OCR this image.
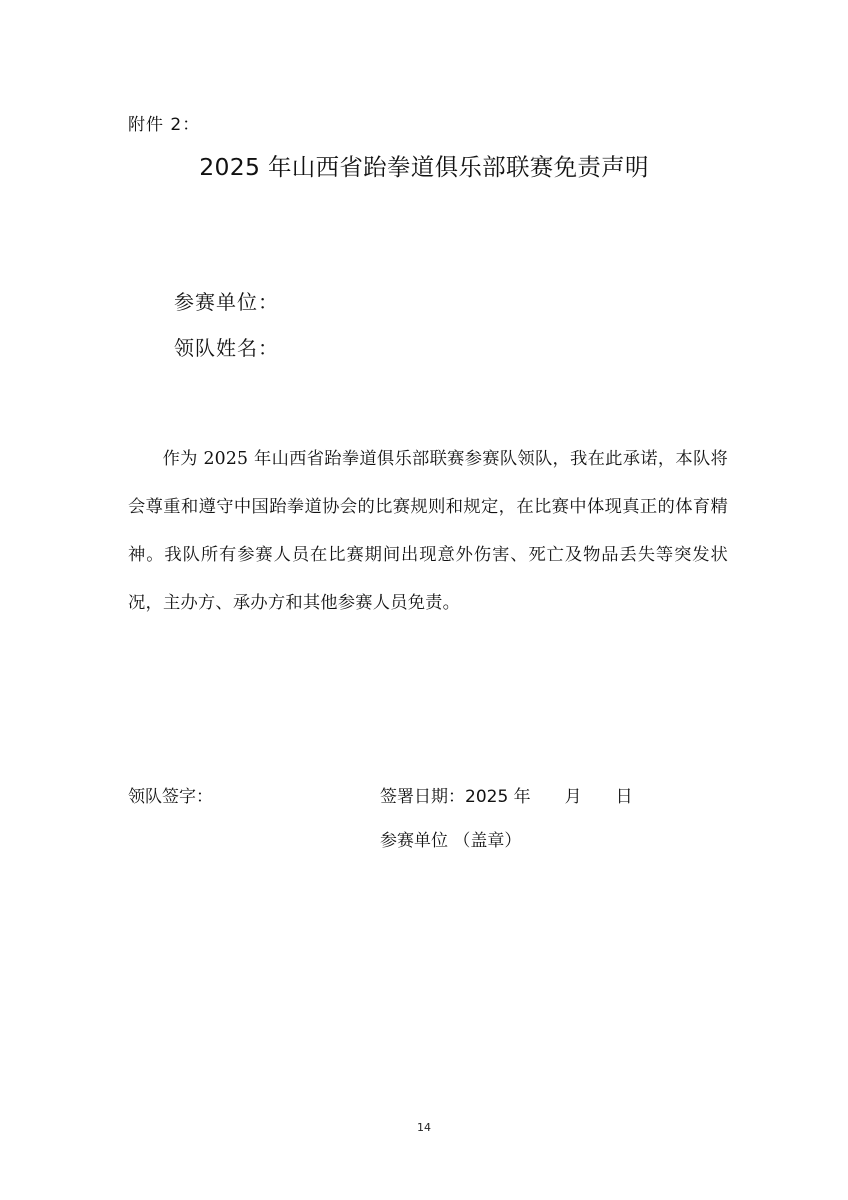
附件 2：
2025 年山西省跆拳道俱乐部联赛免责声明
参赛单位：
领队姓名：

作为 2025 年山西省跆拳道俱乐部联赛参赛队领队，我在此承诺，本队将会尊重和遵守中国跆拳道协会的比赛规则和规定，在比赛中体现真正的体育精神。我队所有参赛人员在比赛期间出现意外伤害、死亡及物品丢失等突发状况，主办方、承办方和其他参赛人员免责。

领队签字：	签署日期：2025 年 月 日
参赛单位 （盖章）
14
